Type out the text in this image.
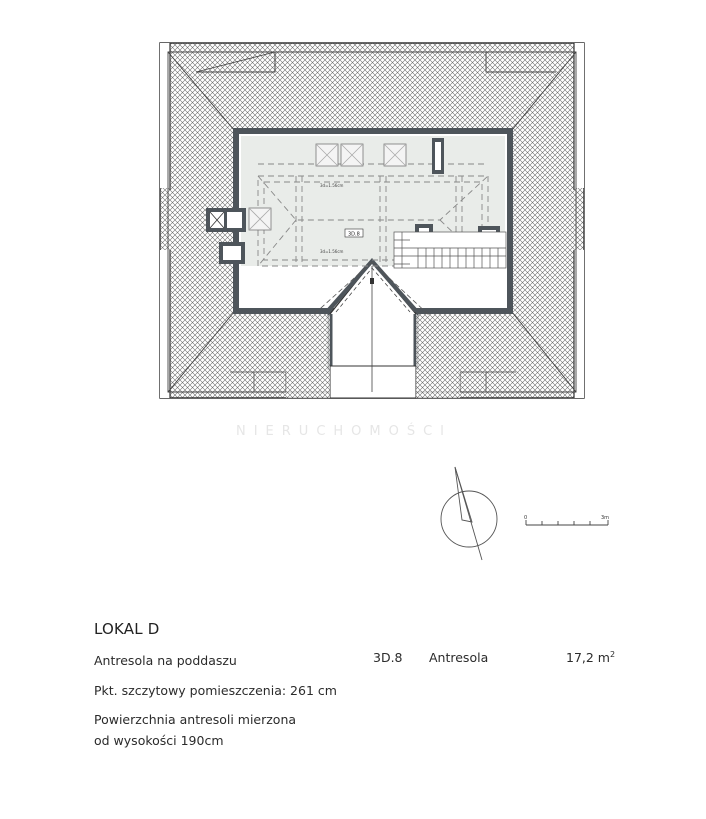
3d=1.56cm
3d=1.56cm
3D.8
0	3m
NIERUCHOMOŚCI
LOKAL D
Antresola na poddaszu
Pkt. szczytowy pomieszczenia: 261 cm
Powierzchnia antresoli mierzona
od wysokości 190cm
3D.8 Antresola	17,2 $m^2$
